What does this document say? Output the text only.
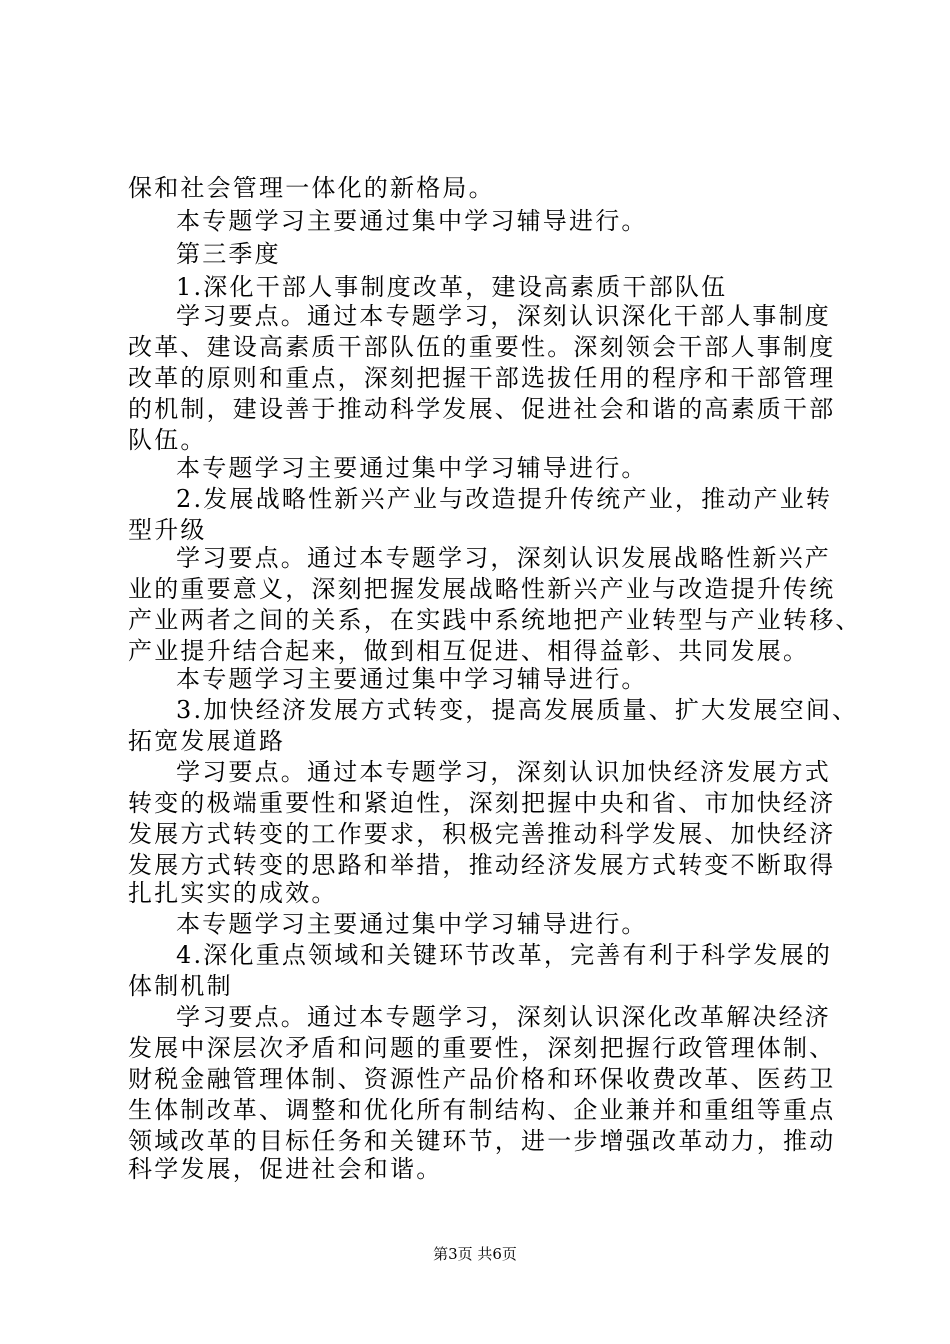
保和社会管理一体化的新格局。

本专题学习主要通过集中学习辅导进行。

第三季度

1.深化干部人事制度改革，建设高素质干部队伍

学习要点。通过本专题学习，深刻认识深化干部人事制度

改革、建设高素质干部队伍的重要性。深刻领会干部人事制度

改革的原则和重点，深刻把握干部选拔任用的程序和干部管理

的机制，建设善于推动科学发展、促进社会和谐的高素质干部

队伍。

本专题学习主要通过集中学习辅导进行。

2.发展战略性新兴产业与改造提升传统产业，推动产业转

型升级

学习要点。通过本专题学习，深刻认识发展战略性新兴产

业的重要意义，深刻把握发展战略性新兴产业与改造提升传统

产业两者之间的关系，在实践中系统地把产业转型与产业转移、

产业提升结合起来，做到相互促进、相得益彰、共同发展。

本专题学习主要通过集中学习辅导进行。

3.加快经济发展方式转变，提高发展质量、扩大发展空间、

拓宽发展道路

学习要点。通过本专题学习，深刻认识加快经济发展方式

转变的极端重要性和紧迫性，深刻把握中央和省、市加快经济

发展方式转变的工作要求，积极完善推动科学发展、加快经济

发展方式转变的思路和举措，推动经济发展方式转变不断取得

扎扎实实的成效。

本专题学习主要通过集中学习辅导进行。

4.深化重点领域和关键环节改革，完善有利于科学发展的

体制机制

学习要点。通过本专题学习，深刻认识深化改革解决经济

发展中深层次矛盾和问题的重要性，深刻把握行政管理体制、

财税金融管理体制、资源性产品价格和环保收费改革、医药卫

生体制改革、调整和优化所有制结构、企业兼并和重组等重点

领域改革的目标任务和关键环节，进一步增强改革动力，推动

科学发展，促进社会和谐。

第3页 共6页
